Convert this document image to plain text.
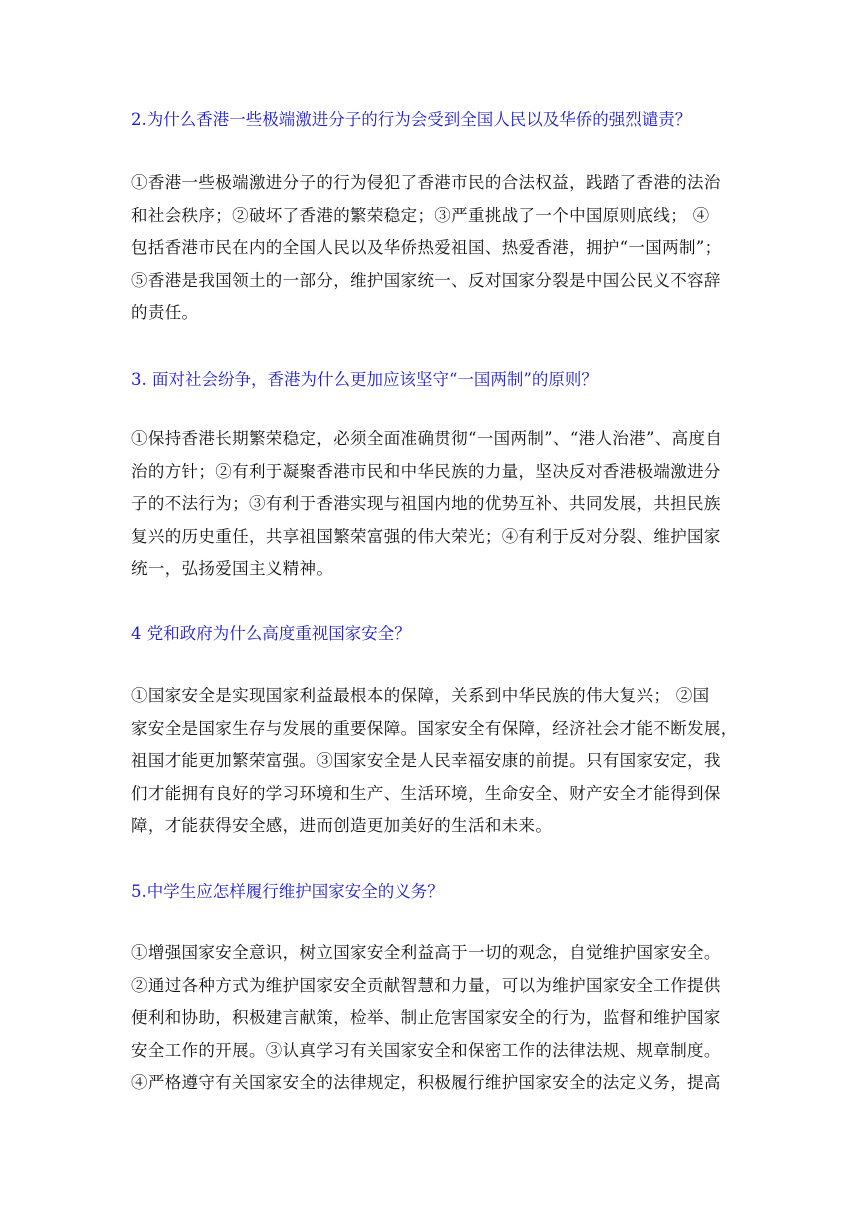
2.为什么香港一些极端激进分子的行为会受到全国人民以及华侨的强烈谴责？
①香港一些极端激进分子的行为侵犯了香港市民的合法权益，践踏了香港的法治
和社会秩序；②破坏了香港的繁荣稳定；③严重挑战了一个中国原则底线； ④
包括香港市民在内的全国人民以及华侨热爱祖国、热爱香港，拥护“一国两制”；
⑤香港是我国领土的一部分，维护国家统一、反对国家分裂是中国公民义不容辞
的责任。
3. 面对社会纷争，香港为什么更加应该坚守“一国两制”的原则？
①保持香港长期繁荣稳定，必须全面准确贯彻“一国两制”、“港人治港”、高度自
治的方针；②有利于凝聚香港市民和中华民族的力量，坚决反对香港极端激进分
子的不法行为；③有利于香港实现与祖国内地的优势互补、共同发展，共担民族
复兴的历史重任，共享祖国繁荣富强的伟大荣光；④有利于反对分裂、维护国家
统一，弘扬爱国主义精神。
4 党和政府为什么高度重视国家安全？
①国家安全是实现国家利益最根本的保障，关系到中华民族的伟大复兴； ②国
家安全是国家生存与发展的重要保障。国家安全有保障，经济社会才能不断发展，
祖国才能更加繁荣富强。③国家安全是人民幸福安康的前提。只有国家安定，我
们才能拥有良好的学习环境和生产、生活环境，生命安全、财产安全才能得到保
障，才能获得安全感，进而创造更加美好的生活和未来。
5.中学生应怎样履行维护国家安全的义务？
①增强国家安全意识，树立国家安全利益高于一切的观念，自觉维护国家安全。
②通过各种方式为维护国家安全贡献智慧和力量，可以为维护国家安全工作提供
便利和协助，积极建言献策，检举、制止危害国家安全的行为，监督和维护国家
安全工作的开展。③认真学习有关国家安全和保密工作的法律法规、规章制度。
④严格遵守有关国家安全的法律规定，积极履行维护国家安全的法定义务，提高
